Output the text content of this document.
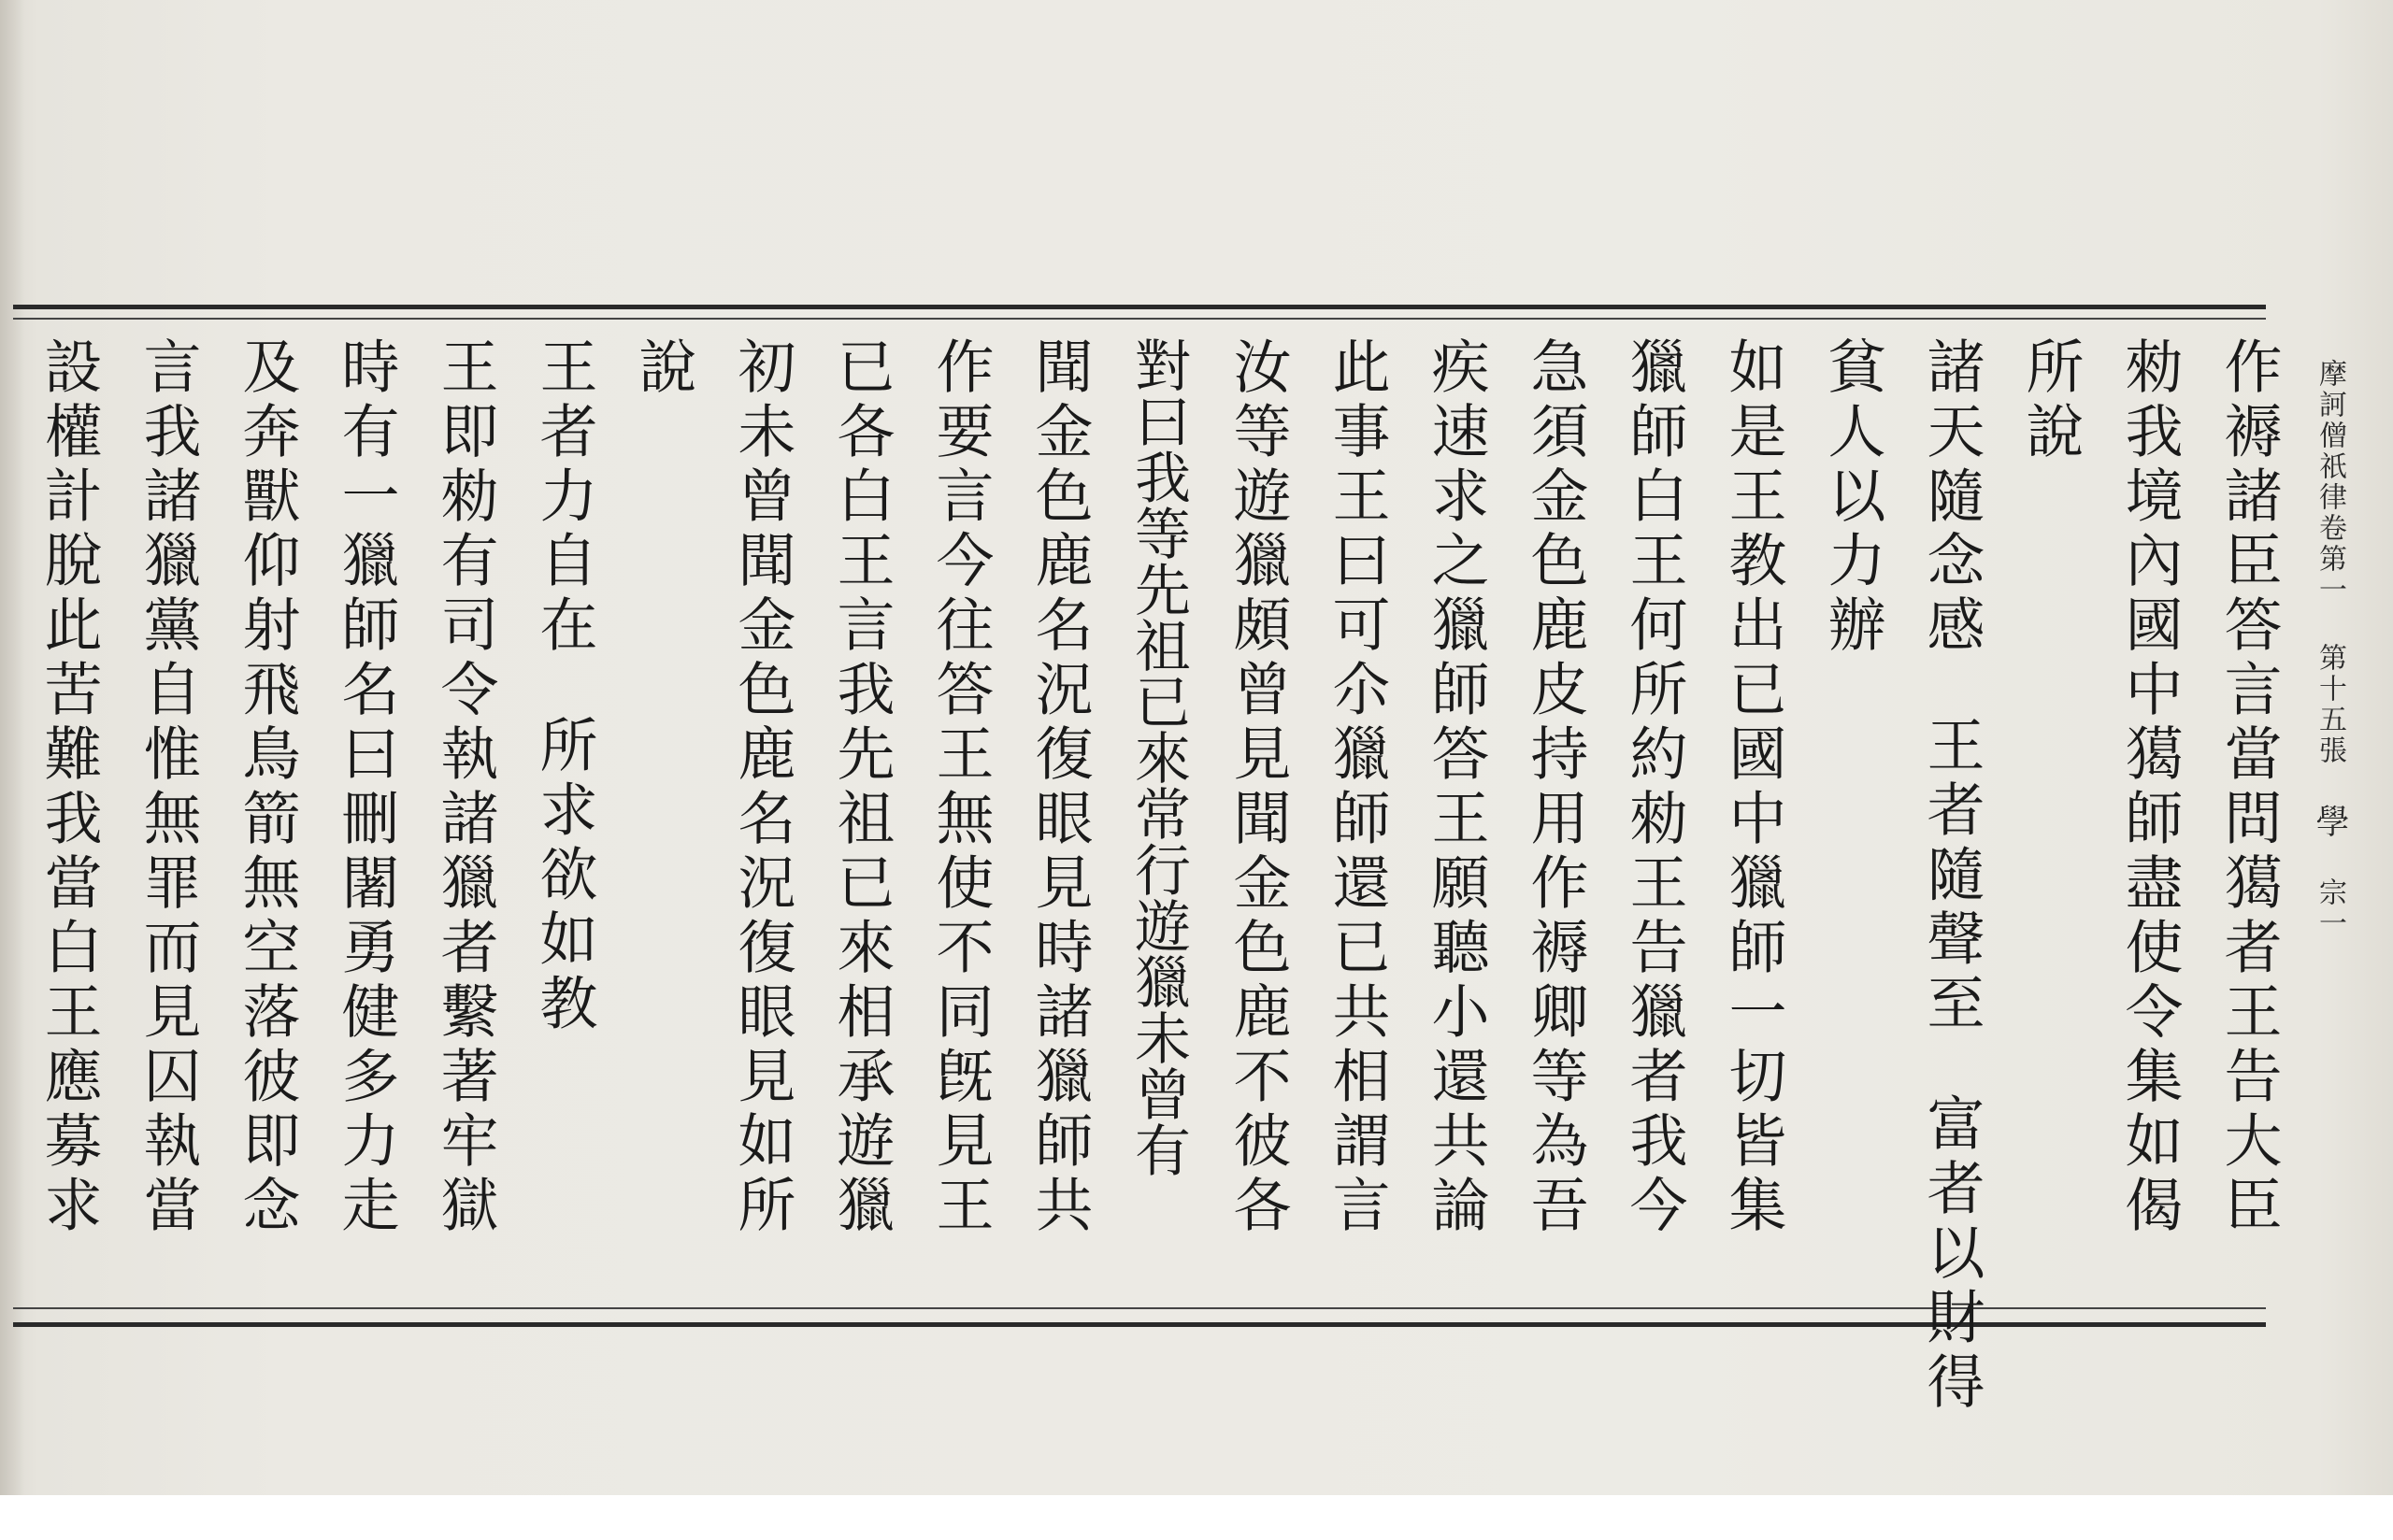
摩訶僧祇律卷第一第十五張學宗一
作褥諸臣答言當問獦者王告大臣
勑我境內國中獦師盡使令集如偈
所說
諸天隨念感王者隨聲至富者以財得
貧人以力辦
如是王教出已國中獵師一切皆集
獵師白王何所約勑王告獵者我今
急須金色鹿皮持用作褥卿等為吾
疾速求之獵師答王願聽小還共論
此事王曰可尒獵師還已共相謂言
汝等遊獵頗曾見聞金色鹿不彼各
對曰我等先祖已來常行遊獵未曾有
聞金色鹿名況復眼見時諸獵師共
作要言今往答王無使不同旣見王
已各白王言我先祖已來相承遊獵
初未曾聞金色鹿名況復眼見如所
說
王者力自在所求欲如教
王即勑有司令執諸獵者繫著牢獄
時有一獵師名曰刪闍勇健多力走
及奔獸仰射飛鳥箭無空落彼即念
言我諸獵黨自惟無罪而見囚執當
設權計脫此苦難我當白王應募求
